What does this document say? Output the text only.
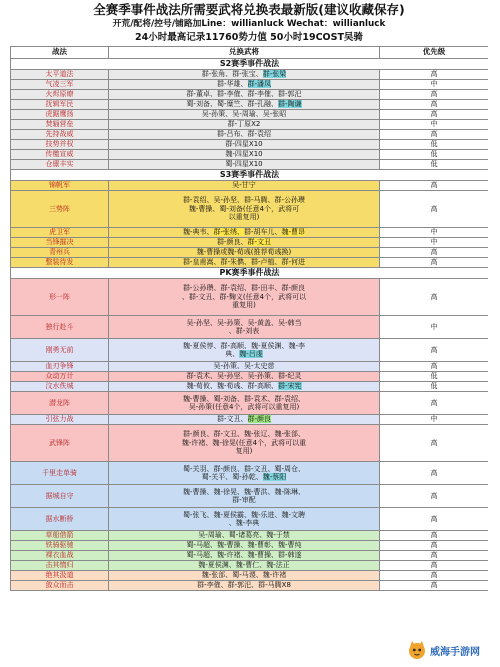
全赛季事件战法所需要武将兑换表最新版(建议收藏保存)
开荒/配将/控号/铺路加Line：willianluck Wechat：willianluck
24小时最高记录11760势力值 50小时19COST吴骑
战法	兑换武将	优先级
S2赛季事件战法		
太平道法	群-张角、群-张宝、群-张梁	高
气凌三军	群-华雄、群-潘凤	中
火烬原燎	群-董卓、群-李傕、群-李傕、群-郭汜	高
抚辑军民	蜀-刘备、蜀-糜竺、群-孔融、群-陶谦	高
虎踞鹰扬	吴-孙策、吴-周瑜、吴-张昭	高
焚辎营垒	群-丁原X2	中
先持战威	群-吕布、群-袁绍	高
技势并权	群-四星X10	低
传檄宣威	魏-四星X10	低
仓廪丰实	蜀-四星X10	低
S3赛季事件战法		
锦帆军	吴-甘宁	高
三势阵	群-袁绍、吴-孙坚、群-马腾、群-公孙瓒
魏-曹操、蜀-刘备(任意4个，武将可
以重复用)	高
虎卫军	魏-典韦、群-张绣、群-胡车儿、魏-曹昂	中
当锋摧决	群-颜良、群-文丑	中
青州兵	魏-曹操或魏-荀彧(推荐荀彧换)	高
整装待发	群-皇甫嵩、群-朱儁、群-卢植、群-何进	高
PK赛季事件战法		
形一阵	群-公孙瓒、群-袁绍、群-田丰、群-颜良
、群-文丑、群-麴义(任意4个，武将可以
重复用)	高
独行赴斗	吴-孙坚、吴-孙策、吴-黄盖、吴-韩当
、群-刘表	中
刚勇无前	魏-夏侯惇、群-高顺、魏-夏侯渊、魏-李
典、魏-吕虔	高
血刃争锋	吴-孙策、吴-太史慈	高
众动万计	群-袁术、吴-孙坚、吴-孙策、群-纪灵	低
汶水佚城	魏-荀攸、魏-荀彧、群-高顺、群-宋宪	低
潜龙阵	魏-曹操、蜀-刘备、群-袁术、群-袁绍、
吴-孙策(任意4个，武将可以重复用)	高
引弦力战	群-文丑、群-颜良	中
武锋阵	群-颜良、群-文丑、魏-张辽、魏-张郃、
魏-许褚、魏-徐晃(任意4个，武将可以重
复用)	高
千里走单骑	蜀-关羽、群-颜良、群-文丑、蜀-周仓、
蜀-关平、蜀-孙乾、魏-蔡阳	高
据城自守	魏-曹操、魏-徐晃、魏-曹洪、魏-陈琳、
群-审配	高
据水断桥	蜀-张飞、魏-夏侯霸、魏-乐进、魏-文聘
、魏-李典	高
草船借箭	吴-周瑜、蜀-诸葛亮、魏-于禁	高
铁骑驱驰	蜀-马超、魏-曹操、魏-曹彰、魏-曹纯	高
裸衣血战	蜀-马超、魏-许褚、魏-曹操、群-韩遂	高
击其惰归	魏-夏侯渊、魏-曹仁、魏-法正	高
绝其汲道	魏-张郃、蜀-马谡、魏-许褚	高
敛众而击	群-李傕、群-郭汜、群-马腾X8	高
威海手游网
